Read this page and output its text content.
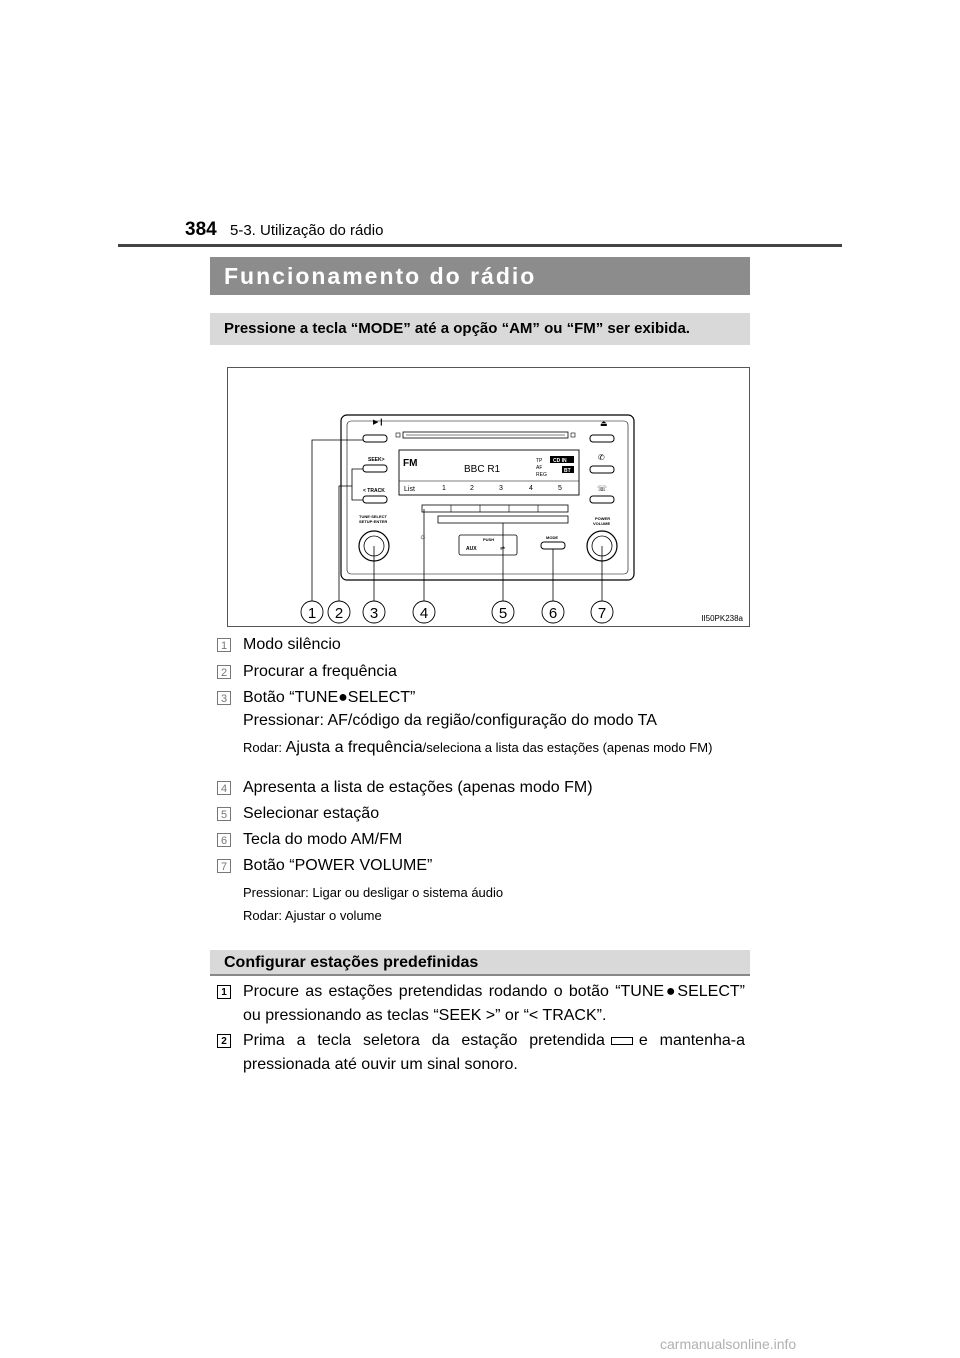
384 5-3. Utilização do rádio
Funcionamento do rádio
Pressione a tecla “MODE” até a opção “AM” ou “FM” ser exibida.
▶❙
SEEK>
< TRACK
⏏
✆
☏
FM
BBC R1
TP
AF
REG
CD IN
BT
List	1	2	3	4	5
TUNE·SELECT
SETUP·ENTER
☼	PUSH
AUX	⇌
MODE
POWER
VOLUME
1 2 3	4	5	6	7	II50PK238a
1 Modo silêncio
2 Procurar a frequência
3 Botão “TUNE●SELECT”
Pressionar: AF/código da região/configuração do modo TA
Rodar: Ajusta a frequência/seleciona a lista das estações (apenas modo FM)
4 Apresenta a lista de estações (apenas modo FM)
5 Selecionar estação
6 Tecla do modo AM/FM
7 Botão “POWER VOLUME”
Pressionar: Ligar ou desligar o sistema áudio
Rodar: Ajustar o volume
Configurar estações predefinidas
1 Procure as estações pretendidas rodando o botão “TUNE●SELECT” ou pressionando as teclas “SEEK >” or “< TRACK”.
2 Prima a tecla seletora da estação pretendida e mantenha-a pressionada até ouvir um sinal sonoro.
carmanualsonline.info
